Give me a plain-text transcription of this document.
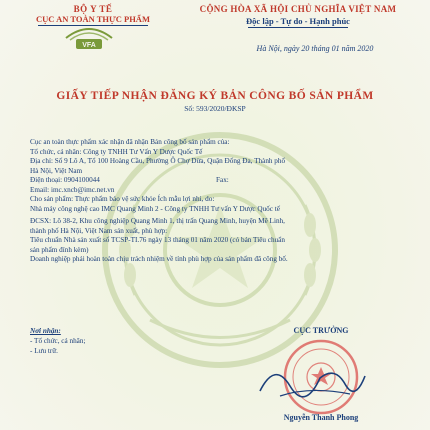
BỘ Y TẾ
CỤC AN TOÀN THỰC PHẨM
VFA
CỘNG HÒA XÃ HỘI CHỦ NGHĨA VIỆT NAM
Độc lập - Tự do - Hạnh phúc
Hà Nội, ngày 20 tháng 01 năm 2020
GIẤY TIẾP NHẬN ĐĂNG KÝ BẢN CÔNG BỐ SẢN PHẨM
Số: 593/2020/ĐKSP
Cục an toàn thực phẩm xác nhận đã nhận Bản công bố sản phẩm của:
Tổ chức, cá nhân: Công ty TNHH Tư Vấn Y Dược Quốc Tế
Địa chỉ: Số 9 Lô A, Tổ 100 Hoàng Cầu, Phường Ô Chợ Dừa, Quận Đống Đa, Thành phố
Hà Nội, Việt Nam
Điện thoại: 0904100044	Fax:
Email: imc.xncb@imc.net.vn
Cho sản phẩm: Thực phẩm bảo vệ sức khỏe Ích mẫu lợi nhi, do:
Nhà máy công nghệ cao IMC Quang Minh 2 - Công ty TNHH Tư vấn Y Dược Quốc tế
ĐCSX: Lô 38-2, Khu công nghiệp Quang Minh 1, thị trấn Quang Minh, huyện Mê Linh,
thành phố Hà Nội, Việt Nam sản xuất, phù hợp:
Tiêu chuẩn Nhà sản xuất số TCSP-TI.76 ngày 13 tháng 01 năm 2020 (có bản Tiêu chuẩn
sản phẩm đính kèm)
Doanh nghiệp phải hoàn toàn chịu trách nhiệm về tính phù hợp của sản phẩm đã công bố.
Nơi nhận:
- Tổ chức, cá nhân;
- Lưu trữ.
CỤC TRƯỞNG
Nguyễn Thanh Phong
